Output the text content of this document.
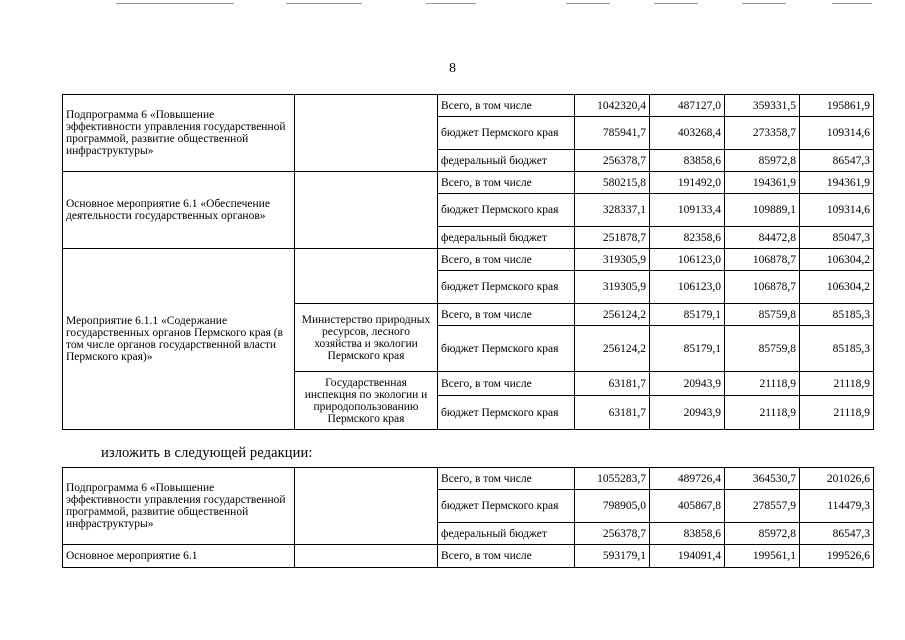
8
Подпрограмма 6 «Повышение эффективности управления государственной программой, развитие общественной инфраструктуры»		Всего, в том числе	1042320,4	487127,0	359331,5	195861,9
		бюджет Пермского края	785941,7	403268,4	273358,7	109314,6
		федеральный бюджет	256378,7	83858,6	85972,8	86547,3
Основное мероприятие 6.1 «Обеспечение деятельности государственных органов»		Всего, в том числе	580215,8	191492,0	194361,9	194361,9
		бюджет Пермского края	328337,1	109133,4	109889,1	109314,6
		федеральный бюджет	251878,7	82358,6	84472,8	85047,3
Мероприятие 6.1.1 «Содержание государственных органов Пермского края (в том числе органов государственной власти Пермского края)»		Всего, в том числе	319305,9	106123,0	106878,7	106304,2
		бюджет Пермского края	319305,9	106123,0	106878,7	106304,2
	Министерство природных ресурсов, лесного хозяйства и экологии Пермского края	Всего, в том числе	256124,2	85179,1	85759,8	85185,3
		бюджет Пермского края	256124,2	85179,1	85759,8	85185,3
	Государственная инспекция по экологии и природопользованию Пермского края	Всего, в том числе	63181,7	20943,9	21118,9	21118,9
		бюджет Пермского края	63181,7	20943,9	21118,9	21118,9
изложить в следующей редакции:
Подпрограмма 6 «Повышение эффективности управления государственной программой, развитие общественной инфраструктуры»		Всего, в том числе	1055283,7	489726,4	364530,7	201026,6
		бюджет Пермского края	798905,0	405867,8	278557,9	114479,3
		федеральный бюджет	256378,7	83858,6	85972,8	86547,3
Основное мероприятие 6.1		Всего, в том числе	593179,1	194091,4	199561,1	199526,6
